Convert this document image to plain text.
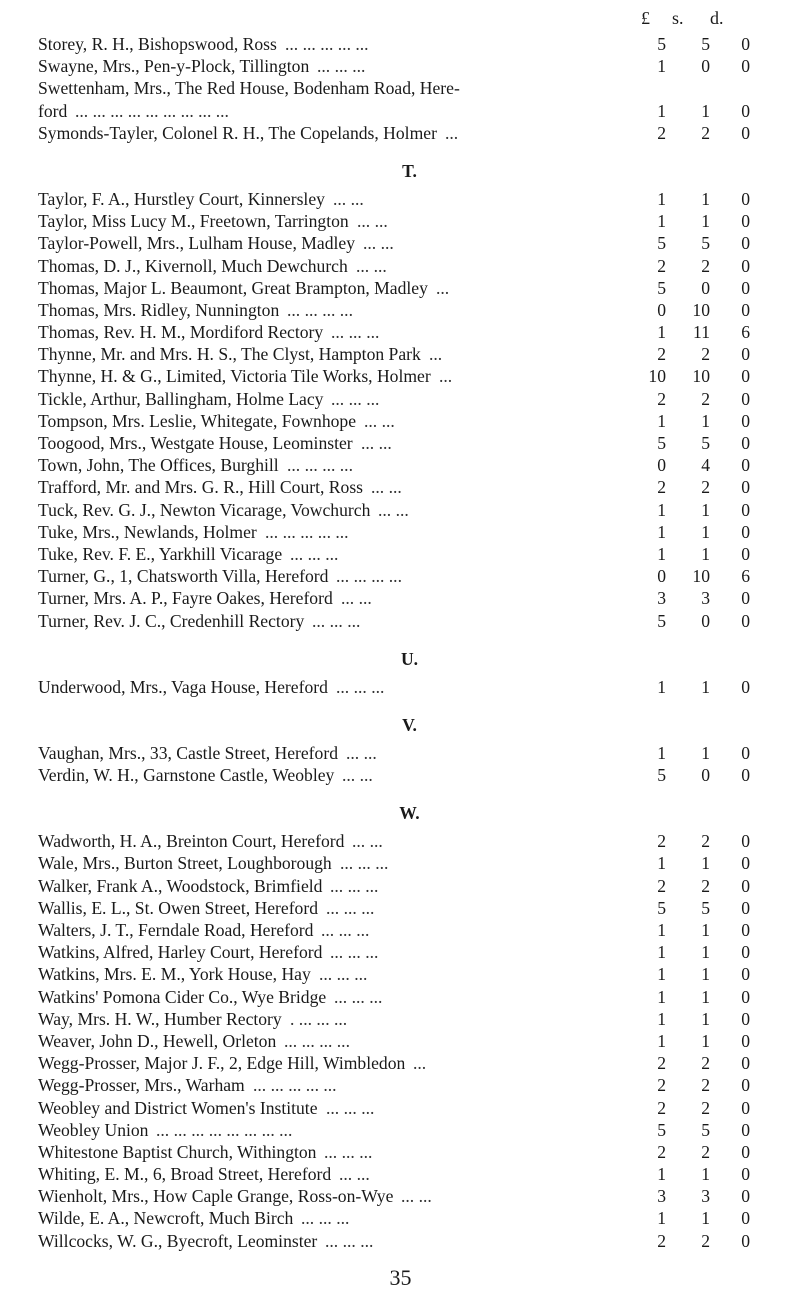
£ s. d.
Storey, R. H., Bishopswood, Ross ... ... ... ... ...	5	5	0
Swayne, Mrs., Pen-y-Plock, Tillington ... ... ...	1	0	0
Swettenham, Mrs., The Red House, Bodenham Road, Here-
ford ... ... ... ... ... ... ... ... ...	1	1	0
Symonds-Tayler, Colonel R. H., The Copelands, Holmer ...	2	2	0
T.
Taylor, F. A., Hurstley Court, Kinnersley ... ...	1	1	0
Taylor, Miss Lucy M., Freetown, Tarrington ... ...	1	1	0
Taylor-Powell, Mrs., Lulham House, Madley ... ...	5	5	0
Thomas, D. J., Kivernoll, Much Dewchurch ... ...	2	2	0
Thomas, Major L. Beaumont, Great Brampton, Madley ...	5	0	0
Thomas, Mrs. Ridley, Nunnington ... ... ... ...	0	10	0
Thomas, Rev. H. M., Mordiford Rectory ... ... ...	1	11	6
Thynne, Mr. and Mrs. H. S., The Clyst, Hampton Park ...	2	2	0
Thynne, H. & G., Limited, Victoria Tile Works, Holmer ...	10	10	0
Tickle, Arthur, Ballingham, Holme Lacy ... ... ...	2	2	0
Tompson, Mrs. Leslie, Whitegate, Fownhope ... ...	1	1	0
Toogood, Mrs., Westgate House, Leominster ... ...	5	5	0
Town, John, The Offices, Burghill ... ... ... ...	0	4	0
Trafford, Mr. and Mrs. G. R., Hill Court, Ross ... ...	2	2	0
Tuck, Rev. G. J., Newton Vicarage, Vowchurch ... ...	1	1	0
Tuke, Mrs., Newlands, Holmer ... ... ... ... ...	1	1	0
Tuke, Rev. F. E., Yarkhill Vicarage ... ... ...	1	1	0
Turner, G., 1, Chatsworth Villa, Hereford ... ... ... ...	0	10	6
Turner, Mrs. A. P., Fayre Oakes, Hereford ... ...	3	3	0
Turner, Rev. J. C., Credenhill Rectory ... ... ...	5	0	0
U.
Underwood, Mrs., Vaga House, Hereford ... ... ...	1	1	0
V.
Vaughan, Mrs., 33, Castle Street, Hereford ... ...	1	1	0
Verdin, W. H., Garnstone Castle, Weobley ... ...	5	0	0
W.
Wadworth, H. A., Breinton Court, Hereford ... ...	2	2	0
Wale, Mrs., Burton Street, Loughborough ... ... ...	1	1	0
Walker, Frank A., Woodstock, Brimfield ... ... ...	2	2	0
Wallis, E. L., St. Owen Street, Hereford ... ... ...	5	5	0
Walters, J. T., Ferndale Road, Hereford ... ... ...	1	1	0
Watkins, Alfred, Harley Court, Hereford ... ... ...	1	1	0
Watkins, Mrs. E. M., York House, Hay ... ... ...	1	1	0
Watkins' Pomona Cider Co., Wye Bridge ... ... ...	1	1	0
Way, Mrs. H. W., Humber Rectory . ... ... ...	1	1	0
Weaver, John D., Hewell, Orleton ... ... ... ...	1	1	0
Wegg-Prosser, Major J. F., 2, Edge Hill, Wimbledon ...	2	2	0
Wegg-Prosser, Mrs., Warham ... ... ... ... ...	2	2	0
Weobley and District Women's Institute ... ... ...	2	2	0
Weobley Union ... ... ... ... ... ... ... ...	5	5	0
Whitestone Baptist Church, Withington ... ... ...	2	2	0
Whiting, E. M., 6, Broad Street, Hereford ... ...	1	1	0
Wienholt, Mrs., How Caple Grange, Ross-on-Wye ... ...	3	3	0
Wilde, E. A., Newcroft, Much Birch ... ... ...	1	1	0
Willcocks, W. G., Byecroft, Leominster ... ... ...	2	2	0
35
